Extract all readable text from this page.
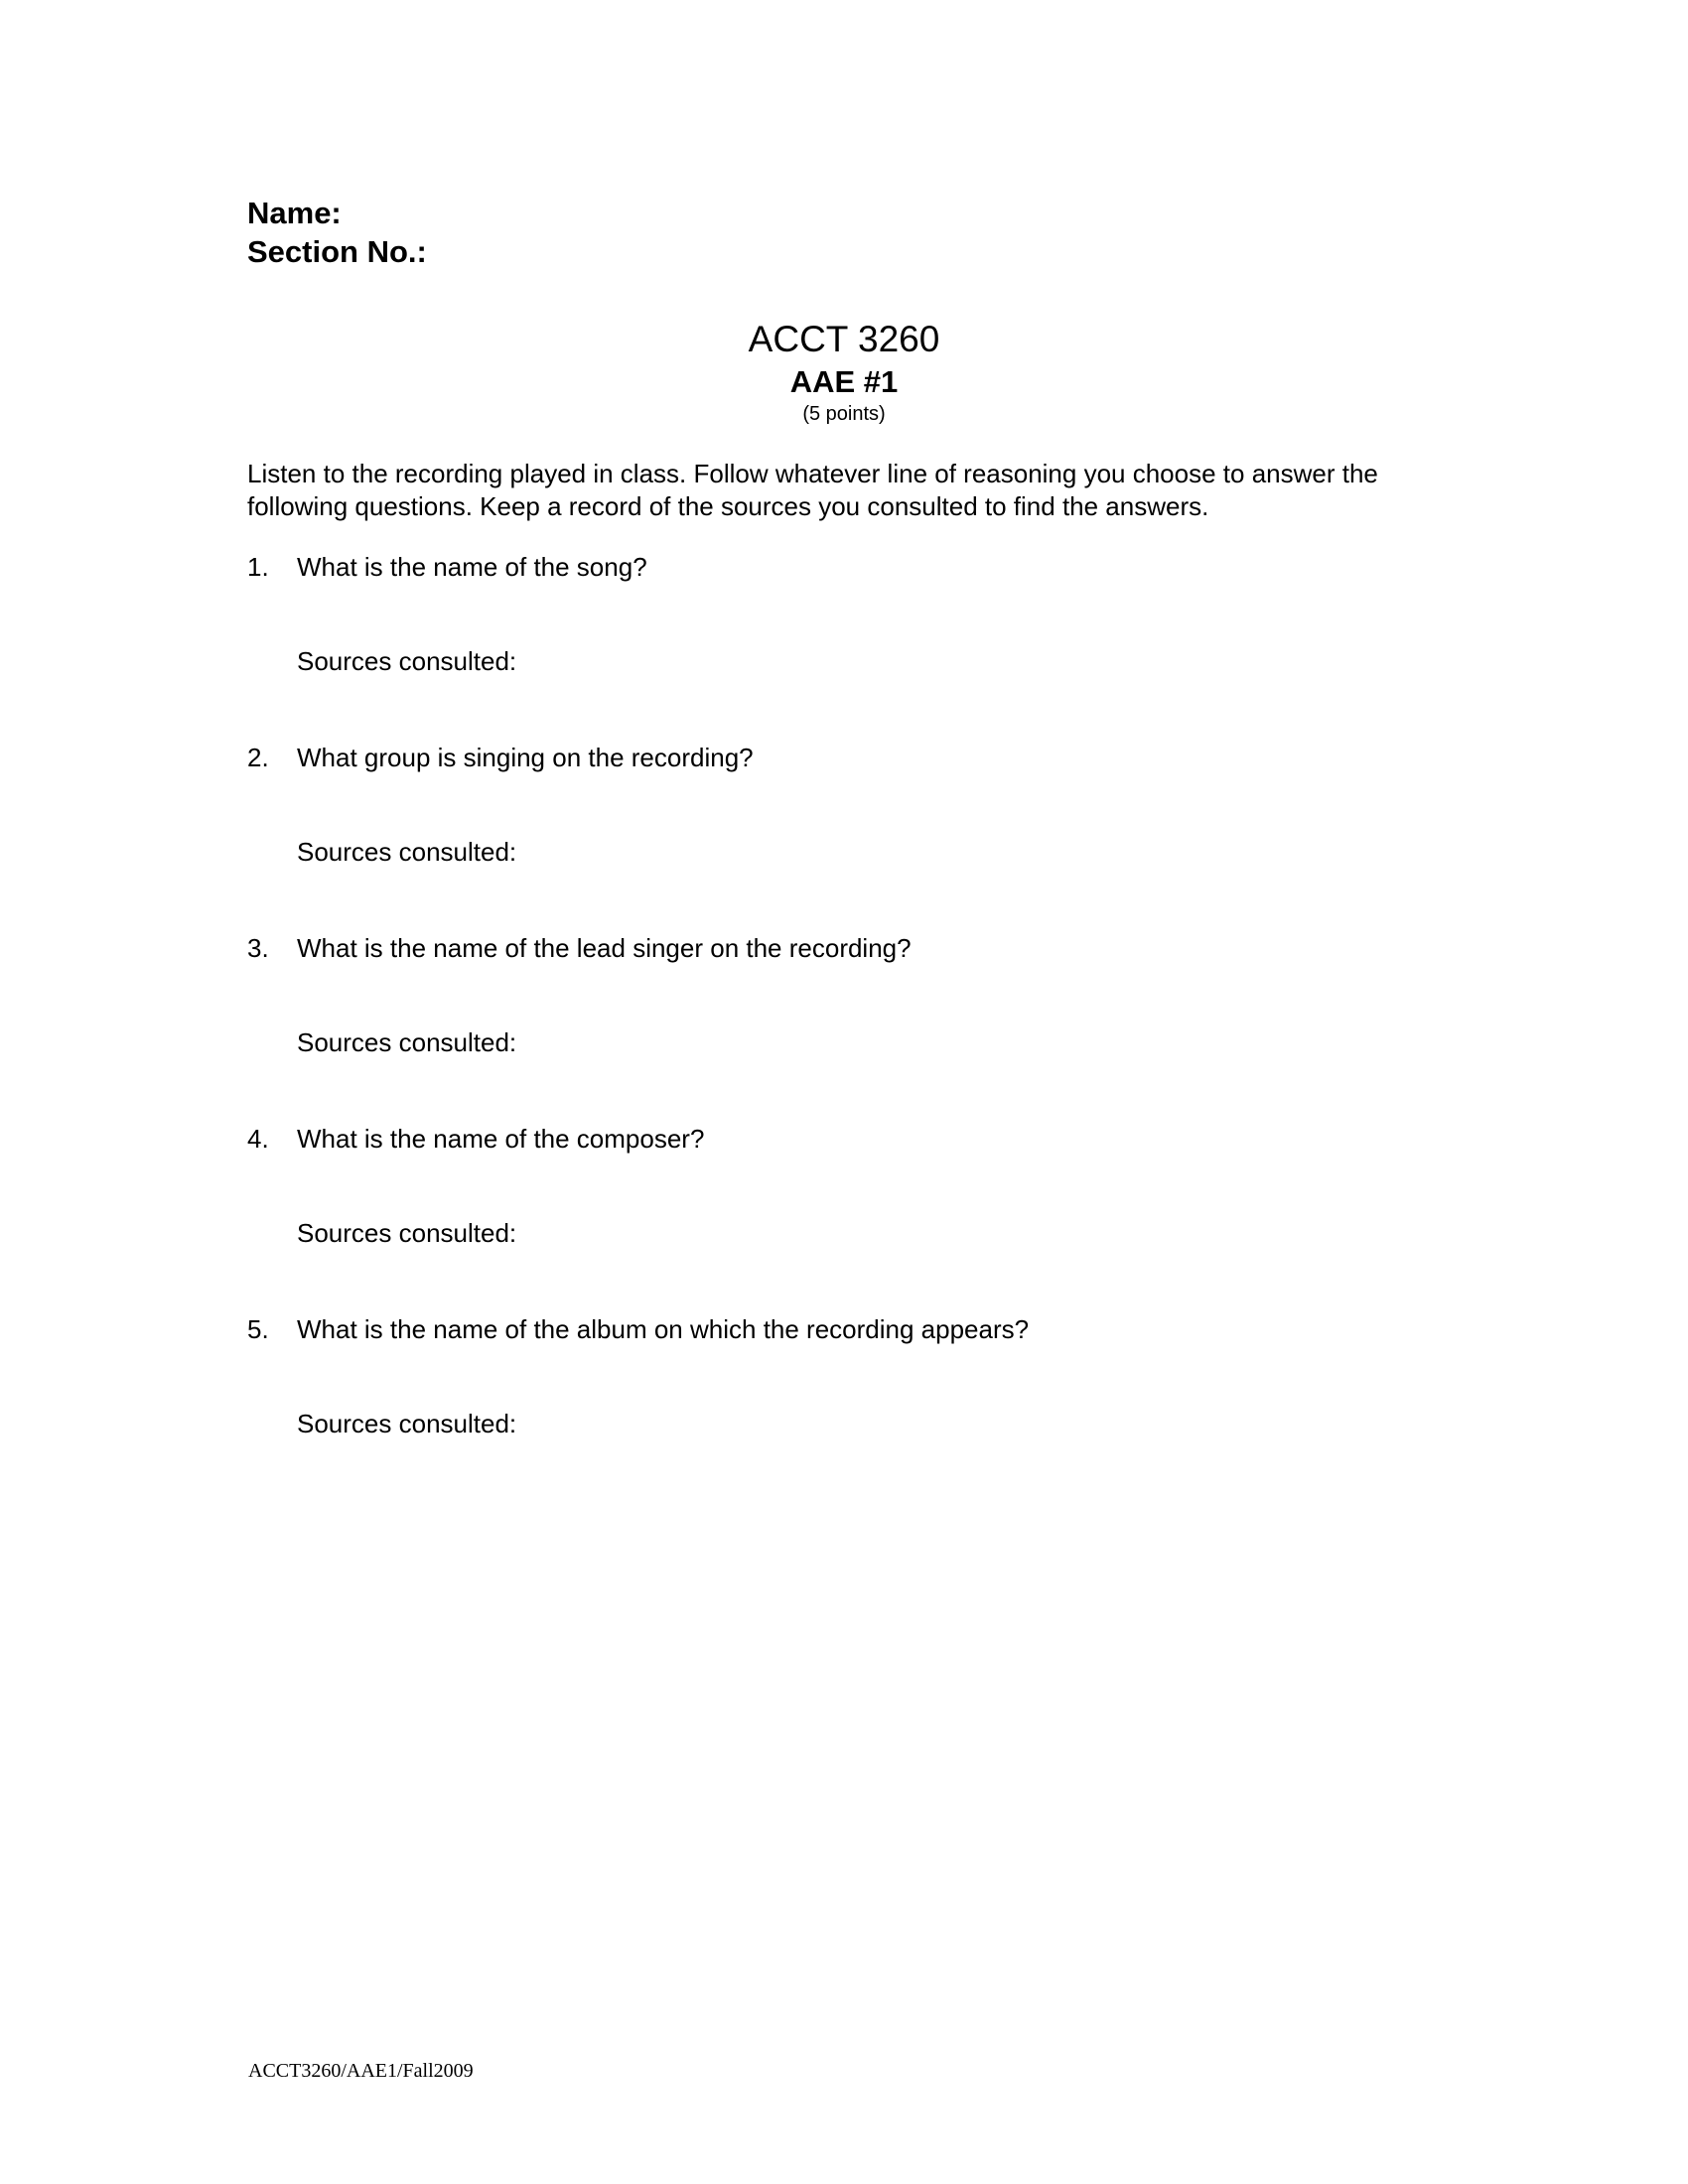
Name:
Section No.:
ACCT 3260
AAE #1
(5 points)
Listen to the recording played in class. Follow whatever line of reasoning you choose to answer the following questions. Keep a record of the sources you consulted to find the answers.
1. What is the name of the song?
Sources consulted:
2. What group is singing on the recording?
Sources consulted:
3. What is the name of the lead singer on the recording?
Sources consulted:
4. What is the name of the composer?
Sources consulted:
5. What is the name of the album on which the recording appears?
Sources consulted:
ACCT3260/AAE1/Fall2009
